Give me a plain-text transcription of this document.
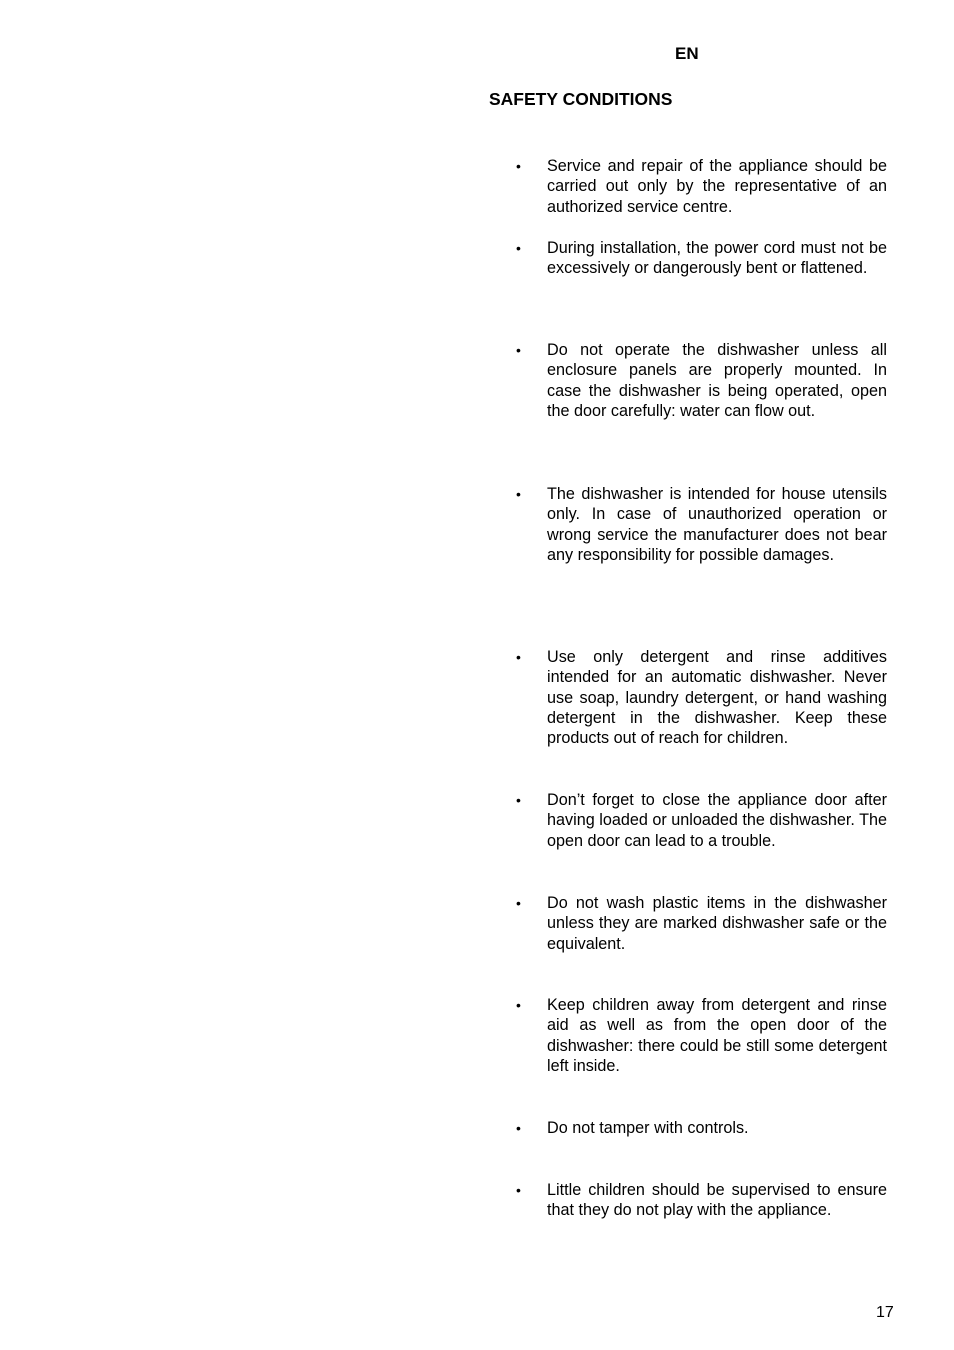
EN
SAFETY CONDITIONS
•	Service and repair of the appliance should be carried out only by the representative of an authorized service centre.
•	During installation, the power cord must not be excessively or dangerously bent or flattened.
•	Do not operate the dishwasher unless all enclosure panels are properly mounted. In case the dishwasher is being operated, open the door carefully: water can flow out.
•	The dishwasher is intended for house utensils only. In case of unauthorized operation or wrong service the manufacturer does not bear any responsibility for possible damages.
•	Use only detergent and rinse additives intended for an automatic dishwasher. Never use soap, laundry detergent, or hand washing detergent in the dishwasher. Keep these products out of reach for children.
•	Don’t forget to close the appliance door after having loaded or unloaded the dishwasher. The open door can lead to a trouble.
•	Do not wash plastic items in the dishwasher unless they are marked dishwasher safe or the equivalent.
•	Keep children away from detergent and rinse aid as well as from the open door of the dishwasher: there could be still some detergent left inside.
•	Do not tamper with controls.
•	Little children should be supervised to ensure that they do not play with the appliance.
17
